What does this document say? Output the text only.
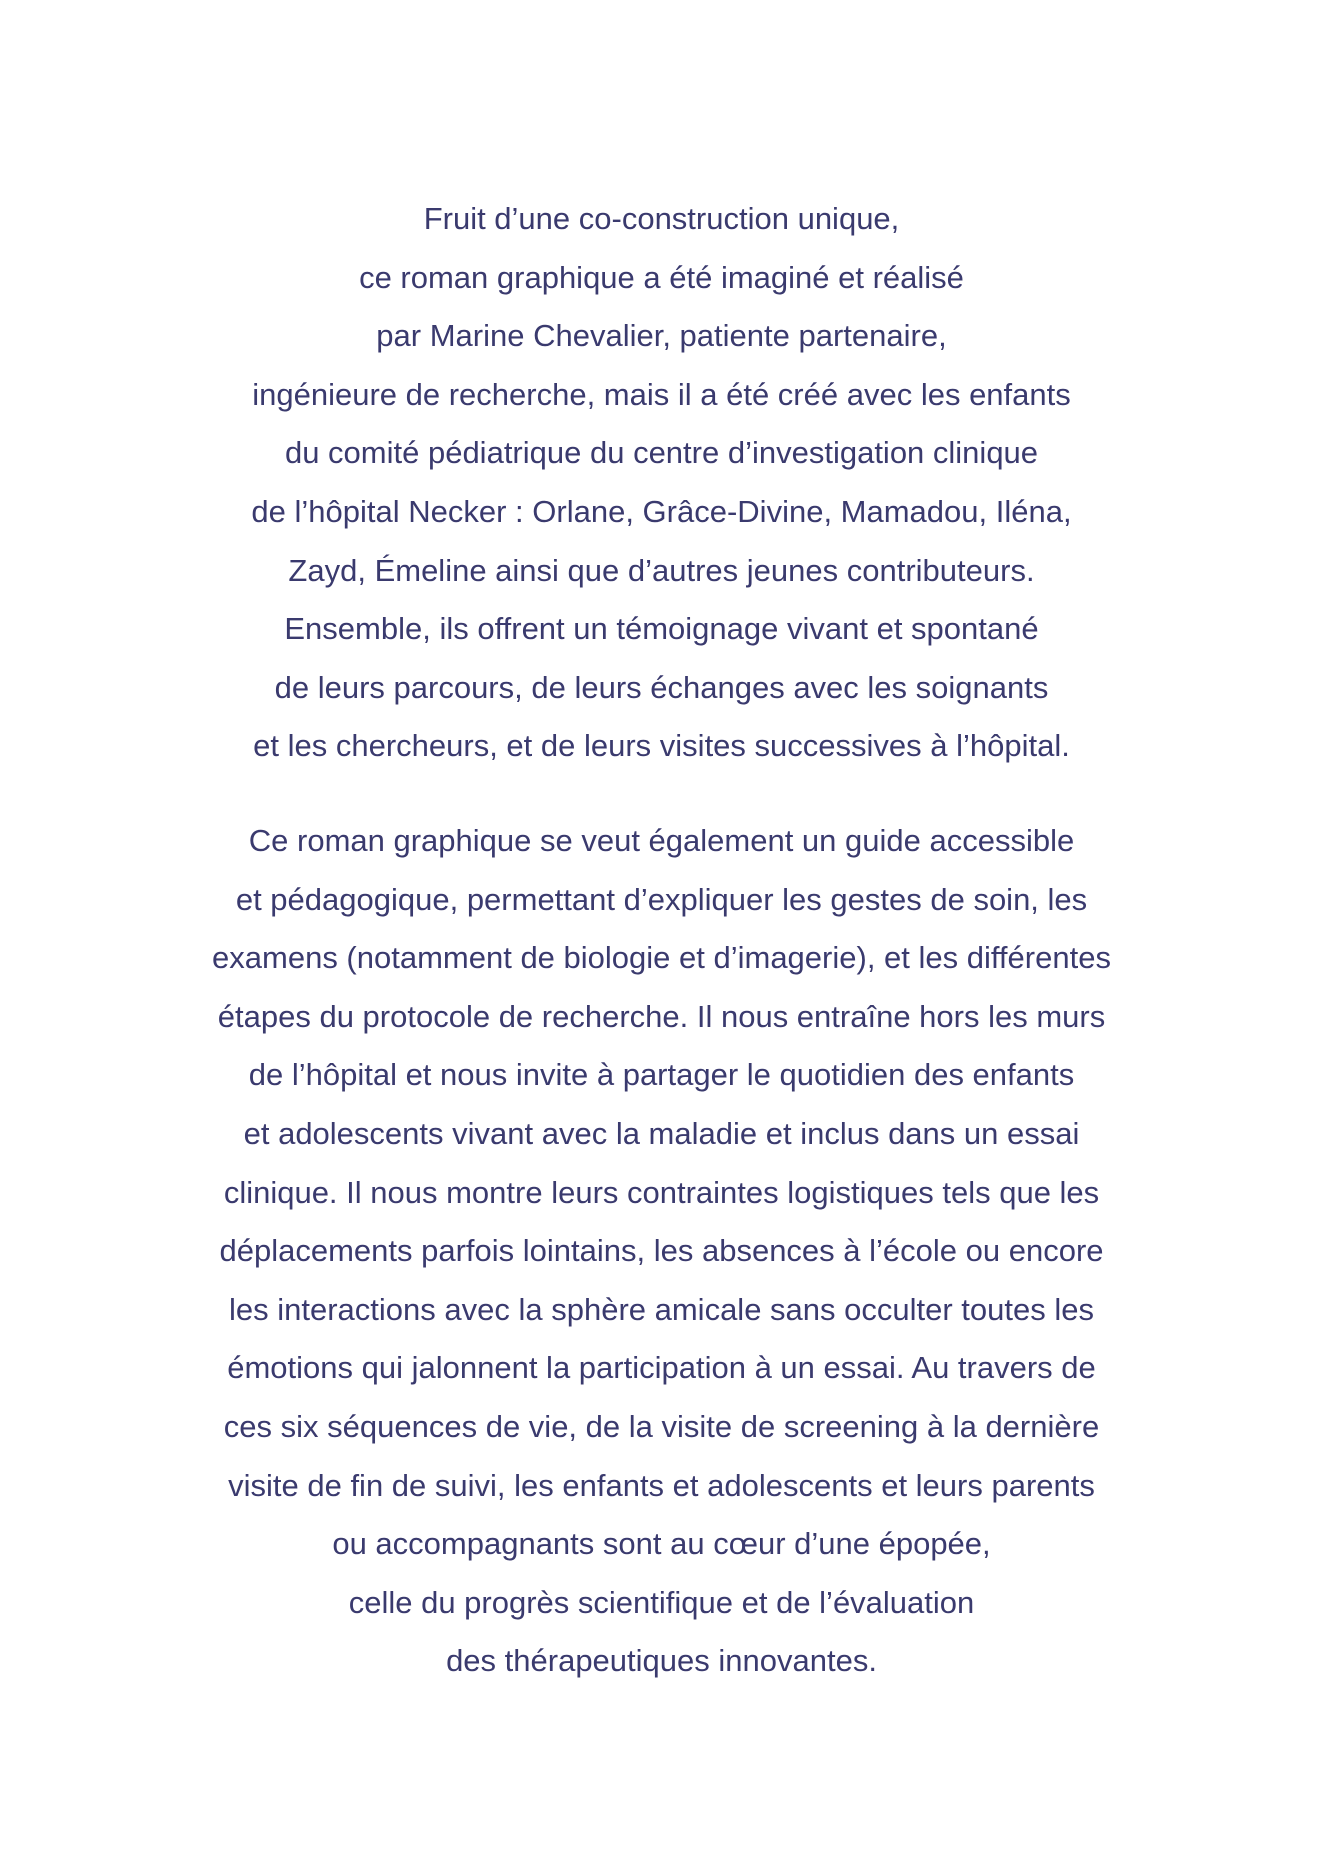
Fruit d’une co-construction unique,
ce roman graphique a été imaginé et réalisé
par Marine Chevalier, patiente partenaire,
ingénieure de recherche, mais il a été créé avec les enfants
du comité pédiatrique du centre d’investigation clinique
de l’hôpital Necker : Orlane, Grâce-Divine, Mamadou, Iléna,
Zayd, Émeline ainsi que d’autres jeunes contributeurs.
Ensemble, ils offrent un témoignage vivant et spontané
de leurs parcours, de leurs échanges avec les soignants
et les chercheurs, et de leurs visites successives à l’hôpital.
Ce roman graphique se veut également un guide accessible
et pédagogique, permettant d’expliquer les gestes de soin, les
examens (notamment de biologie et d’imagerie), et les différentes
étapes du protocole de recherche. Il nous entraîne hors les murs
de l’hôpital et nous invite à partager le quotidien des enfants
et adolescents vivant avec la maladie et inclus dans un essai
clinique. Il nous montre leurs contraintes logistiques tels que les
déplacements parfois lointains, les absences à l’école ou encore
les interactions avec la sphère amicale sans occulter toutes les
émotions qui jalonnent la participation à un essai. Au travers de
ces six séquences de vie, de la visite de screening à la dernière
visite de fin de suivi, les enfants et adolescents et leurs parents
ou accompagnants sont au cœur d’une épopée,
celle du progrès scientifique et de l’évaluation
des thérapeutiques innovantes.
